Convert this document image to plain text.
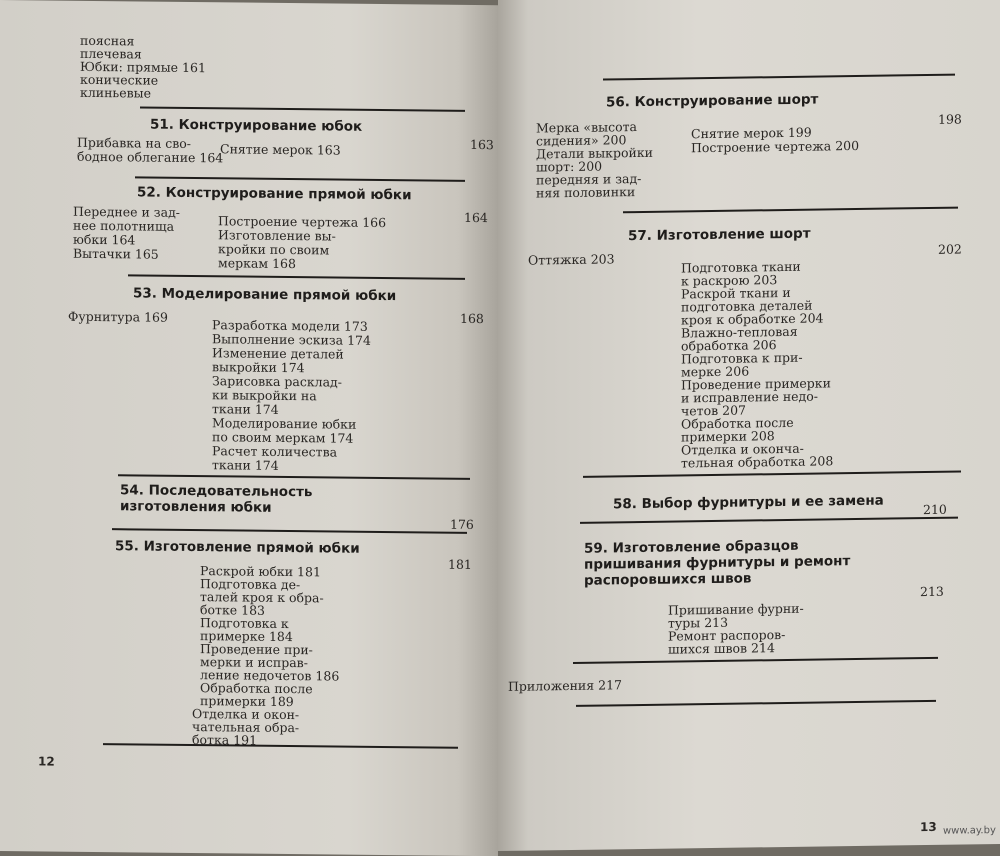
поясная
плечевая
Юбки: прямые 161
конические
клиньевые
51. Конструирование юбок
163
Прибавка на сво-
бодное облегание 164
Снятие мерок 163
52. Конструирование прямой юбки
164
Переднее и зад-
нее полотнища
юбки 164
Вытачки 165
Построение чертежа 166
Изготовление вы-
кройки по своим
меркам 168
53. Моделирование прямой юбки
168
Фурнитура 169
Разработка модели 173
Выполнение эскиза 174
Изменение деталей
выкройки 174
Зарисовка расклад-
ки выкройки на
ткани 174
Моделирование юбки
по своим меркам 174
Расчет количества
ткани 174
54. Последовательность
изготовления юбки
176
55. Изготовление прямой юбки
181
Раскрой юбки 181
Подготовка де-
талей кроя к обра-
ботке 183
Подготовка к
примерке 184
Проведение при-
мерки и исправ-
ление недочетов 186
Обработка после
примерки 189
Отделка и окон-
чательная обра-
ботка 191
12
56. Конструирование шорт
198
Мерка «высота
сидения» 200
Детали выкройки
шорт: 200
передняя и зад-
няя половинки
Снятие мерок 199
Построение чертежа 200
57. Изготовление шорт
202
Оттяжка 203	Подготовка ткани
к раскрою 203
Раскрой ткани и
подготовка деталей
кроя к обработке 204
Влажно-тепловая
обработка 206
Подготовка к при-
мерке 206
Проведение примерки
и исправление недо-
четов 207
Обработка после
примерки 208
Отделка и оконча-
тельная обработка 208
58. Выбор фурнитуры и ее замена	210
59. Изготовление образцов
пришивания фурнитуры и ремонт
распоровшихся швов
213
Пришивание фурни-
туры 213
Ремонт распоров-
шихся швов 214
Приложения 217
13 www.ay.by
